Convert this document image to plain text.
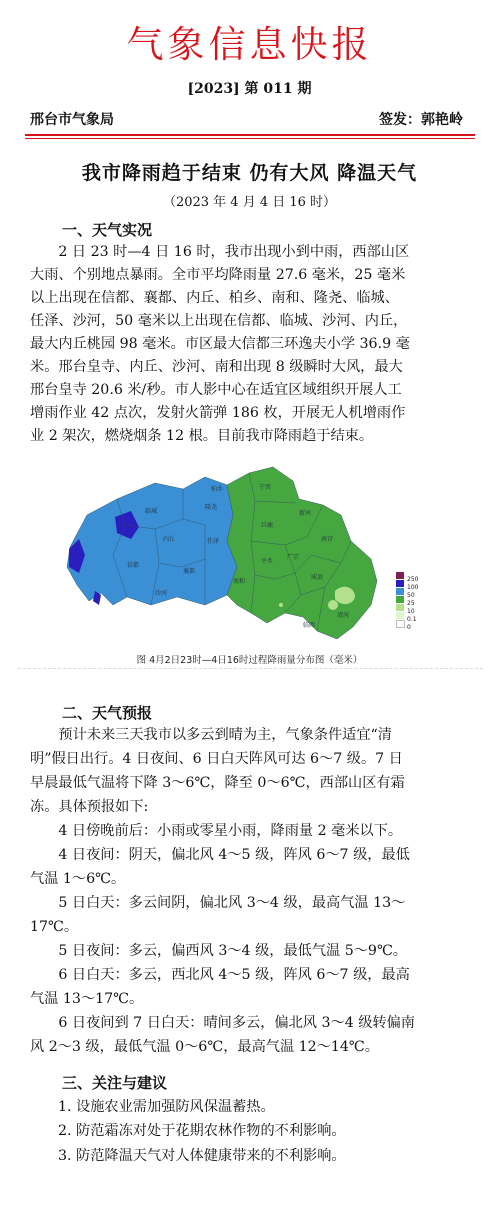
气象信息快报
[2023] 第 011 期
邢台市气象局	签发：郭艳岭
我市降雨趋于结束 仍有大风 降温天气
（2023 年 4 月 4 日 16 时）
一、天气实况
2 日 23 时—4 日 16 时，我市出现小到中雨，西部山区
大雨、个别地点暴雨。全市平均降雨量 27.6 毫米，25 毫米
以上出现在信都、襄都、内丘、柏乡、南和、隆尧、临城、
任泽、沙河，50 毫米以上出现在信都、临城、沙河、内丘，
最大内丘桃园 98 毫米。市区最大信都三环逸夫小学 36.9 毫
米。邢台皇寺、内丘、沙河、南和出现 8 级瞬时大风，最大
邢台皇寺 20.6 米/秒。市人影中心在适宜区域组织开展人工
增雨作业 42 点次，发射火箭弹 186 枚，开展无人机增雨作
业 2 架次，燃烧烟条 12 根。目前我市降雨趋于结束。
临城
内丘
信都
沙河
襄都
任泽
隆尧
柏乡	宁晋
新河
南宫
巨鹿
平乡
广宗
威县
清河
临西
南和	250
100
50
25
10
0.1
0
图 4月2日23时—4日16时过程降雨量分布图（毫米）
二、天气预报
预计未来三天我市以多云到晴为主，气象条件适宜“清
明”假日出行。4 日夜间、6 日白天阵风可达 6～7 级。7 日
早晨最低气温将下降 3～6℃，降至 0～6℃，西部山区有霜
冻。具体预报如下:
4 日傍晚前后：小雨或零星小雨，降雨量 2 毫米以下。
4 日夜间：阴天，偏北风 4～5 级，阵风 6～7 级，最低
气温 1～6℃。
5 日白天：多云间阴，偏北风 3～4 级，最高气温 13～
17℃。
5 日夜间：多云，偏西风 3～4 级，最低气温 5～9℃。
6 日白天：多云，西北风 4～5 级，阵风 6～7 级，最高
气温 13～17℃。
6 日夜间到 7 日白天：晴间多云，偏北风 3～4 级转偏南
风 2～3 级，最低气温 0～6℃，最高气温 12～14℃。
三、关注与建议
1. 设施农业需加强防风保温蓄热。
2. 防范霜冻对处于花期农林作物的不利影响。
3. 防范降温天气对人体健康带来的不利影响。
